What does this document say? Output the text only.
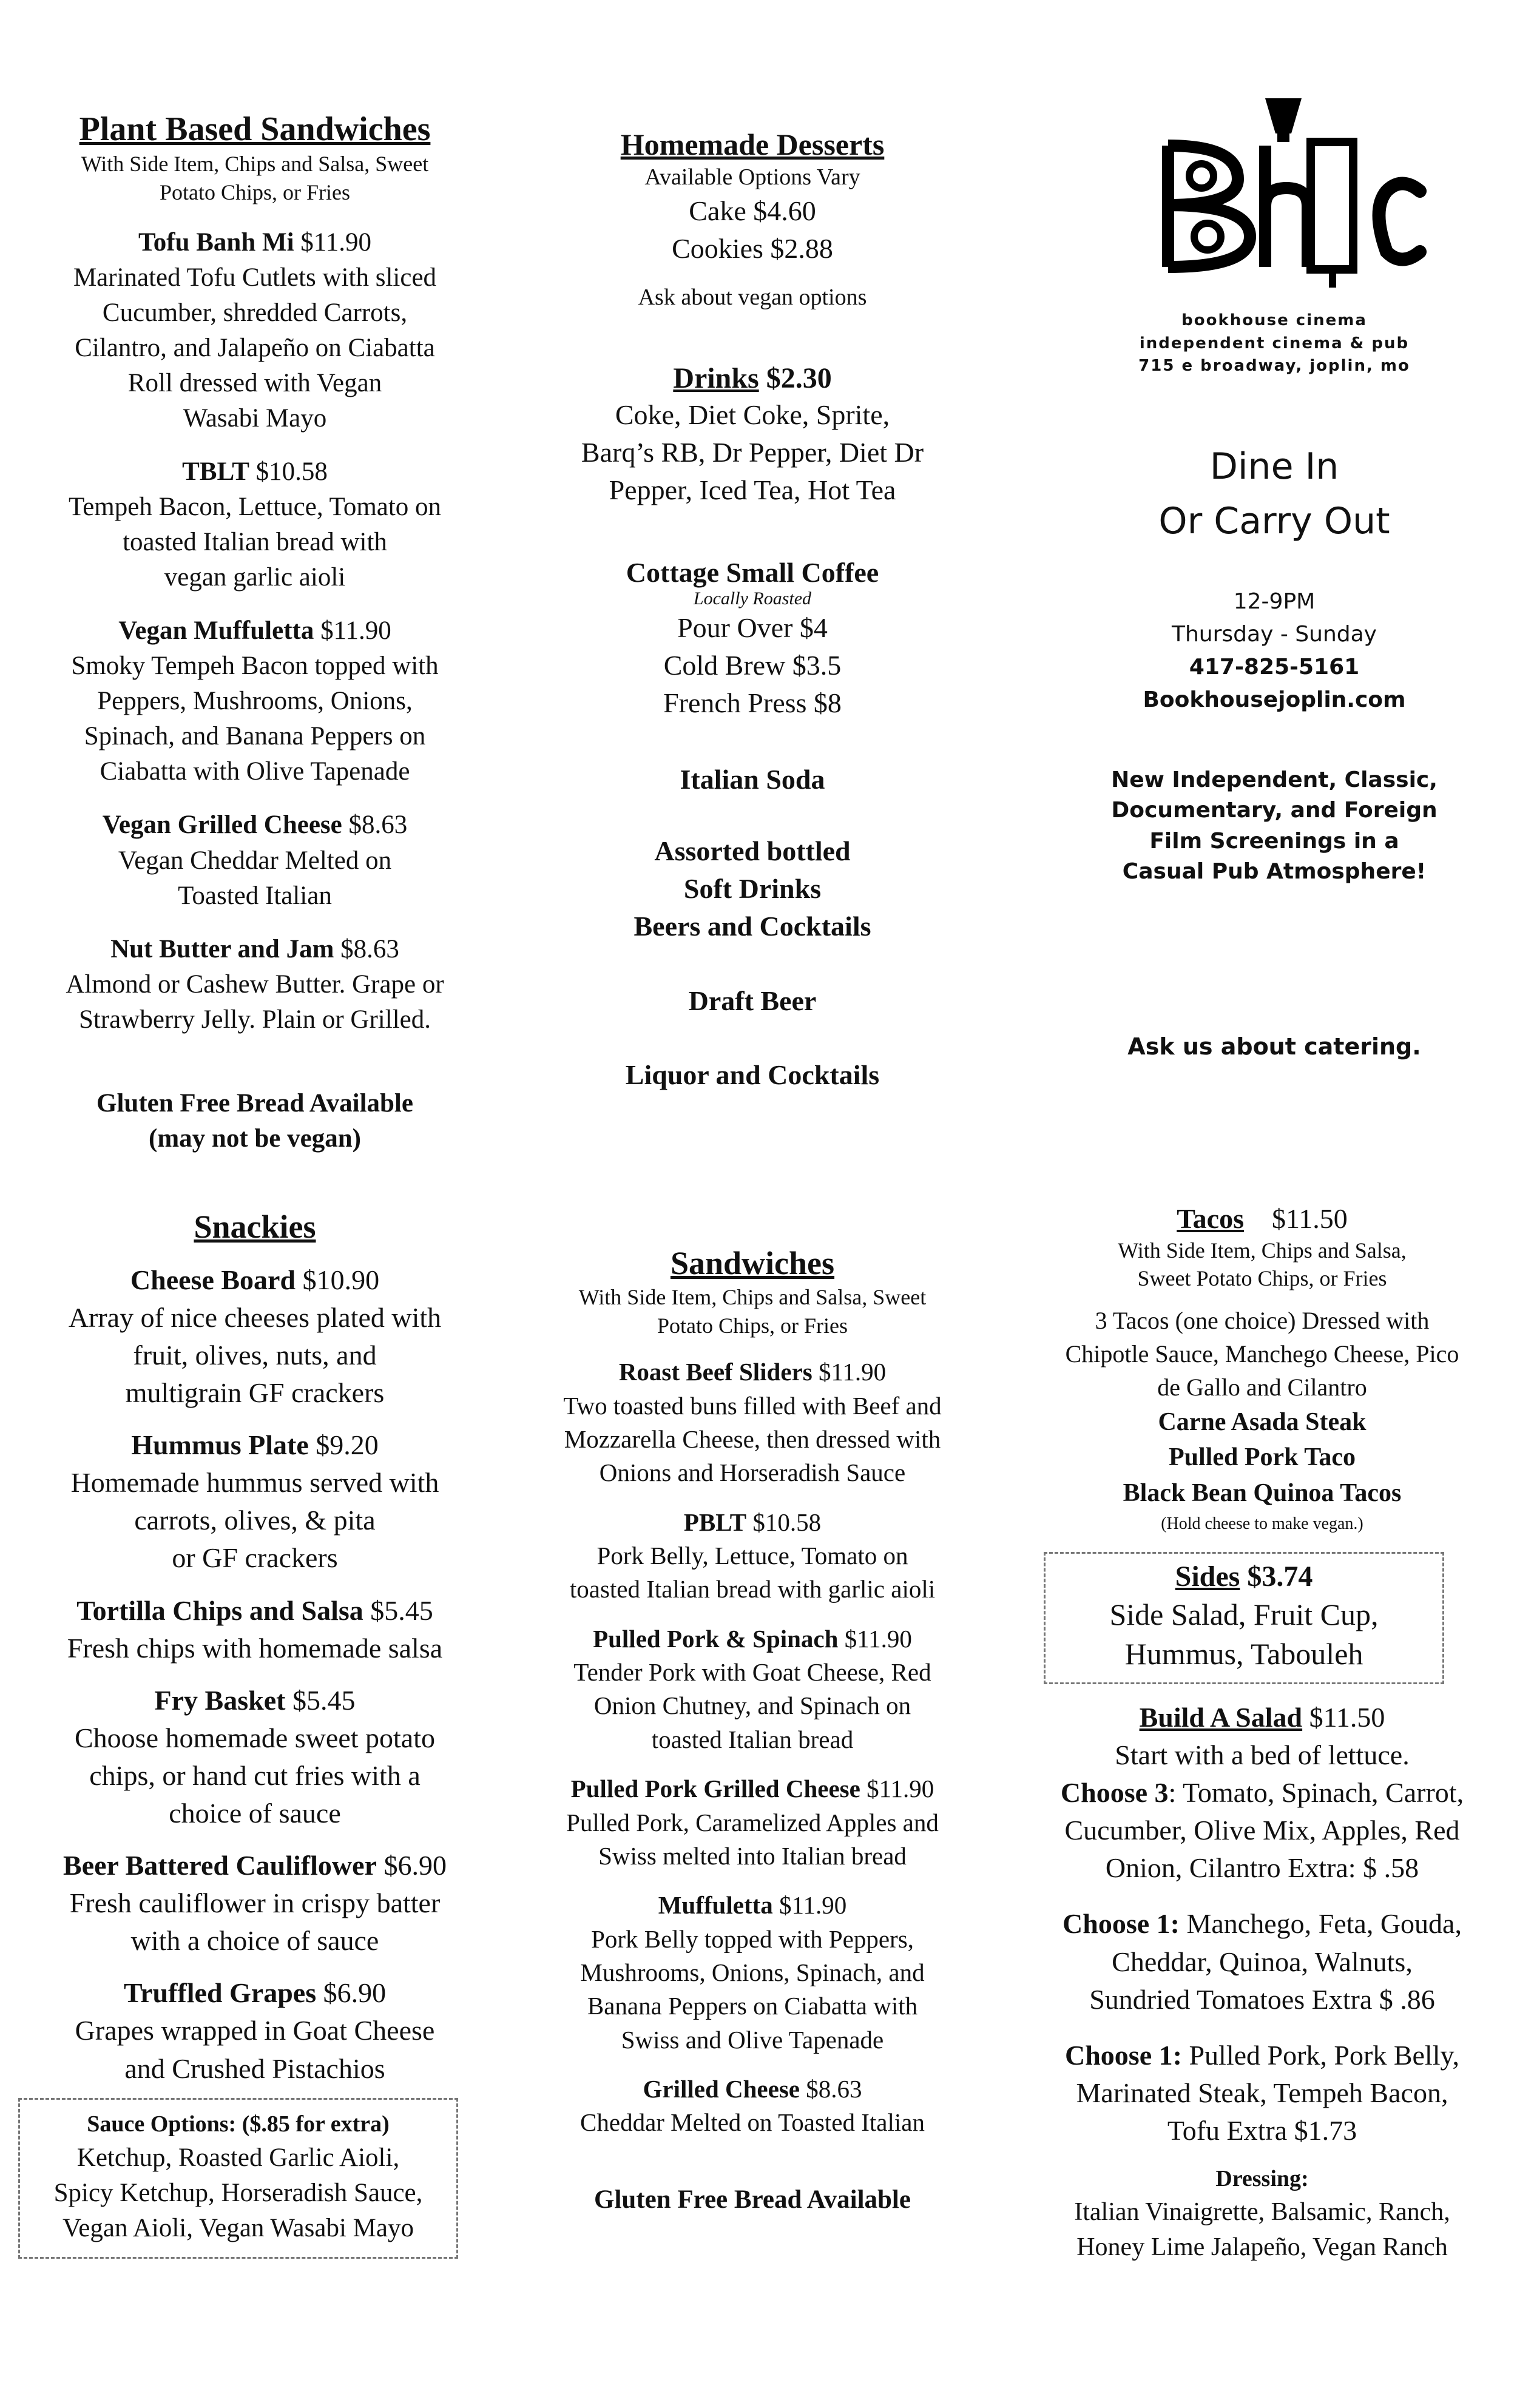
Plant Based Sandwiches
With Side Item, Chips and Salsa, Sweet
Potato Chips, or Fries
Tofu Banh Mi $11.90
Marinated Tofu Cutlets with sliced
Cucumber, shredded Carrots,
Cilantro, and Jalapeño on Ciabatta
Roll dressed with Vegan
Wasabi Mayo
TBLT $10.58
Tempeh Bacon, Lettuce, Tomato on
toasted Italian bread with
vegan garlic aioli
Vegan Muffuletta $11.90
Smoky Tempeh Bacon topped with
Peppers, Mushrooms, Onions,
Spinach, and Banana Peppers on
Ciabatta with Olive Tapenade
Vegan Grilled Cheese $8.63
Vegan Cheddar Melted on
Toasted Italian
Nut Butter and Jam $8.63
Almond or Cashew Butter. Grape or
Strawberry Jelly. Plain or Grilled.
Gluten Free Bread Available
(may not be vegan)
Homemade Desserts
Available Options Vary
Cake $4.60
Cookies $2.88
Ask about vegan options
Drinks $2.30
Coke, Diet Coke, Sprite,
Barq’s RB, Dr Pepper, Diet Dr
Pepper, Iced Tea, Hot Tea
Cottage Small Coffee
Locally Roasted
Pour Over $4
Cold Brew $3.5
French Press $8
Italian Soda
Assorted bottled
Soft Drinks
Beers and Cocktails
Draft Beer
Liquor and Cocktails
bookhouse cinema
independent cinema & pub
715 e broadway, joplin, mo
Dine In
Or Carry Out
12-9PM
Thursday - Sunday
417-825-5161
Bookhousejoplin.com
New Independent, Classic,
Documentary, and Foreign
Film Screenings in a
Casual Pub Atmosphere!
Ask us about catering.
Snackies
Cheese Board $10.90
Array of nice cheeses plated with
fruit, olives, nuts, and
multigrain GF crackers
Hummus Plate $9.20
Homemade hummus served with
carrots, olives, & pita
or GF crackers
Tortilla Chips and Salsa $5.45
Fresh chips with homemade salsa
Fry Basket $5.45
Choose homemade sweet potato
chips, or hand cut fries with a
choice of sauce
Beer Battered Cauliflower $6.90
Fresh cauliflower in crispy batter
with a choice of sauce
Truffled Grapes $6.90
Grapes wrapped in Goat Cheese
and Crushed Pistachios
Sauce Options: ($.85 for extra)
Ketchup, Roasted Garlic Aioli,
Spicy Ketchup, Horseradish Sauce,
Vegan Aioli, Vegan Wasabi Mayo
Sandwiches
With Side Item, Chips and Salsa, Sweet
Potato Chips, or Fries
Roast Beef Sliders $11.90
Two toasted buns filled with Beef and
Mozzarella Cheese, then dressed with
Onions and Horseradish Sauce
PBLT $10.58
Pork Belly, Lettuce, Tomato on
toasted Italian bread with garlic aioli
Pulled Pork & Spinach $11.90
Tender Pork with Goat Cheese, Red
Onion Chutney, and Spinach on
toasted Italian bread
Pulled Pork Grilled Cheese $11.90
Pulled Pork, Caramelized Apples and
Swiss melted into Italian bread
Muffuletta $11.90
Pork Belly topped with Peppers,
Mushrooms, Onions, Spinach, and
Banana Peppers on Ciabatta with
Swiss and Olive Tapenade
Grilled Cheese $8.63
Cheddar Melted on Toasted Italian
Gluten Free Bread Available
Tacos $11.50
With Side Item, Chips and Salsa,
Sweet Potato Chips, or Fries
3 Tacos (one choice) Dressed with
Chipotle Sauce, Manchego Cheese, Pico
de Gallo and Cilantro
Carne Asada Steak
Pulled Pork Taco
Black Bean Quinoa Tacos
(Hold cheese to make vegan.)
Sides $3.74
Side Salad, Fruit Cup,
Hummus, Tabouleh
Build A Salad $11.50
Start with a bed of lettuce.
Choose 3: Tomato, Spinach, Carrot,
Cucumber, Olive Mix, Apples, Red
Onion, Cilantro Extra: $ .58
Choose 1: Manchego, Feta, Gouda,
Cheddar, Quinoa, Walnuts,
Sundried Tomatoes Extra $ .86
Choose 1: Pulled Pork, Pork Belly,
Marinated Steak, Tempeh Bacon,
Tofu Extra $1.73
Dressing:
Italian Vinaigrette, Balsamic, Ranch,
Honey Lime Jalapeño, Vegan Ranch
